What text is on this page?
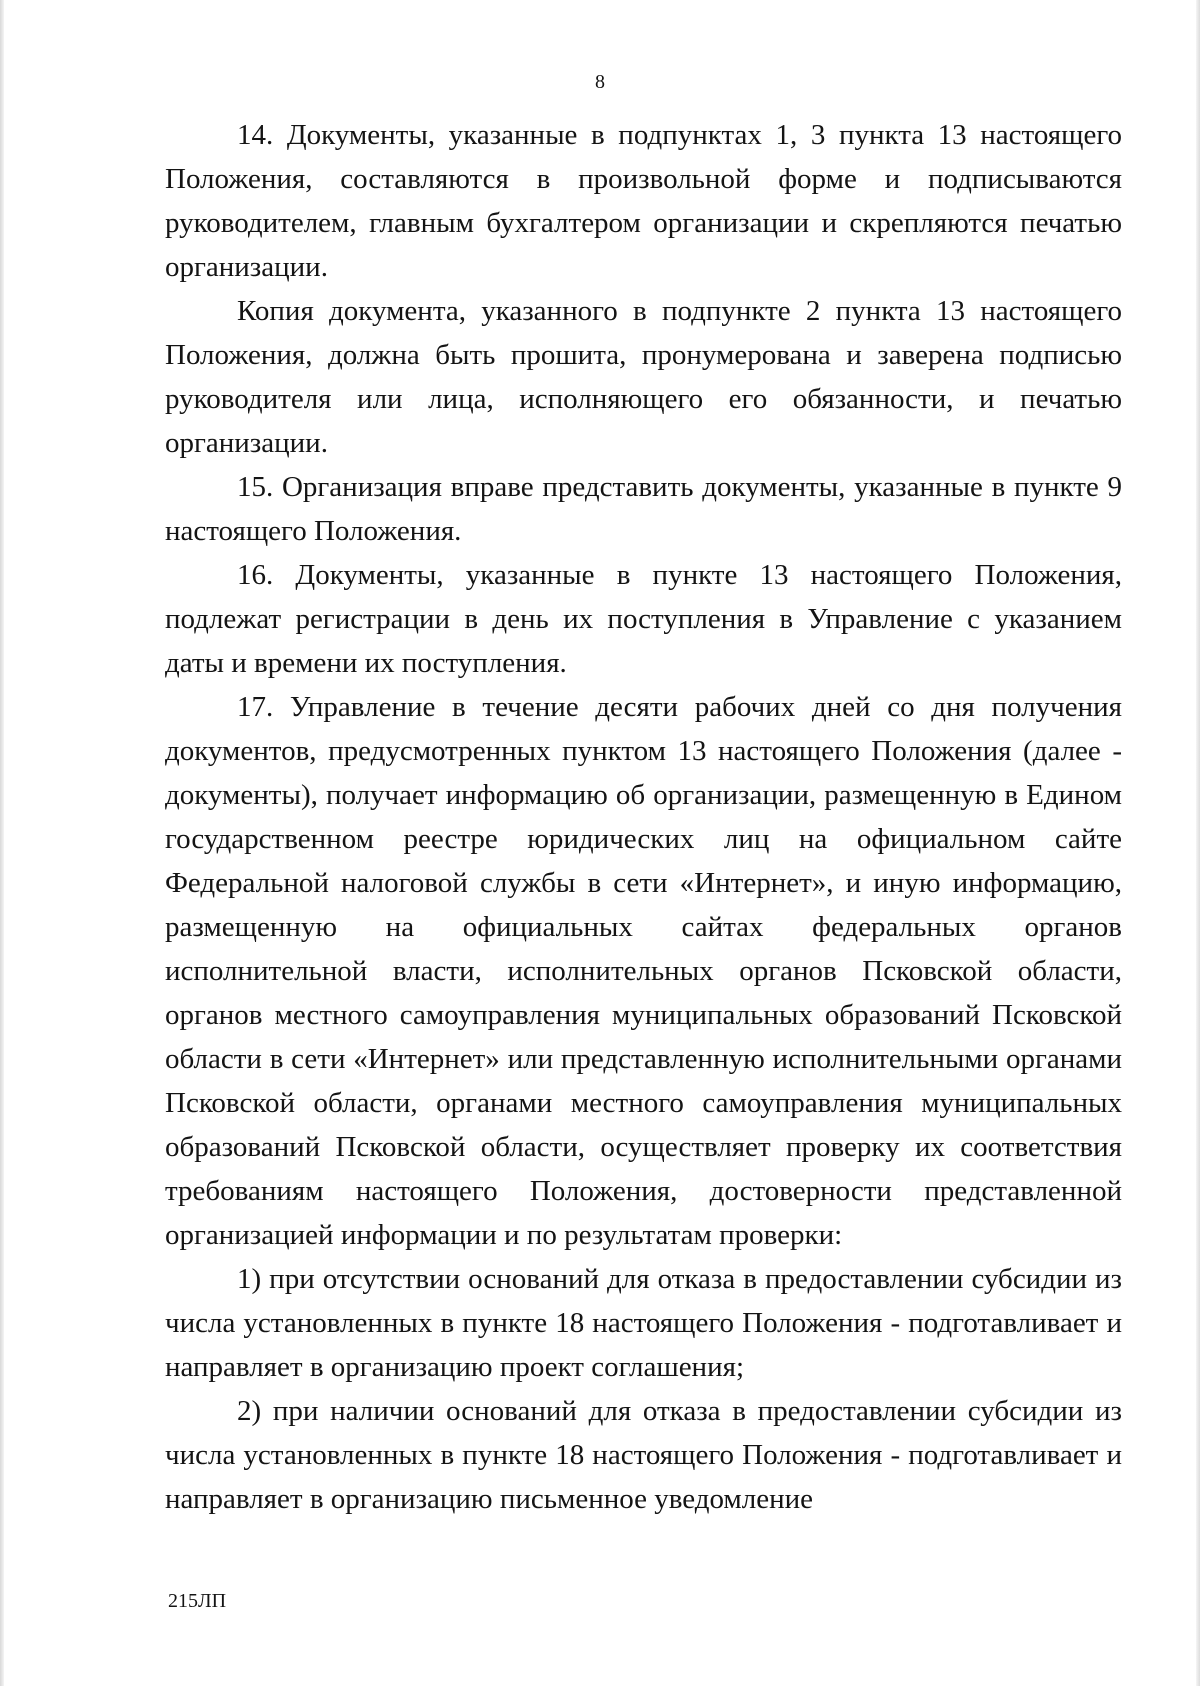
8

14. Документы, указанные в подпунктах 1, 3 пункта 13 настоящего Положения, составляются в произвольной форме и подписываются руководителем, главным бухгалтером организации и скрепляются печатью организации.

Копия документа, указанного в подпункте 2 пункта 13 настоящего Положения, должна быть прошита, пронумерована и заверена подписью руководителя или лица, исполняющего его обязанности, и печатью организации.

15. Организация вправе представить документы, указанные в пункте 9 настоящего Положения.

16. Документы, указанные в пункте 13 настоящего Положения, подлежат регистрации в день их поступления в Управление с указанием даты и времени их поступления.

17. Управление в течение десяти рабочих дней со дня получения документов, предусмотренных пунктом 13 настоящего Положения (далее - документы), получает информацию об организации, размещенную в Едином государственном реестре юридических лиц на официальном сайте Федеральной налоговой службы в сети «Интернет», и иную информацию, размещенную на официальных сайтах федеральных органов исполнительной власти, исполнительных органов Псковской области, органов местного самоуправления муниципальных образований Псковской области в сети «Интернет» или представленную исполнительными органами Псковской области, органами местного самоуправления муниципальных образований Псковской области, осуществляет проверку их соответствия требованиям настоящего Положения, достоверности представленной организацией информации и по результатам проверки:

1) при отсутствии оснований для отказа в предоставлении субсидии из числа установленных в пункте 18 настоящего Положения - подготавливает и направляет в организацию проект соглашения;

2) при наличии оснований для отказа в предоставлении субсидии из числа установленных в пункте 18 настоящего Положения - подготавливает и направляет в организацию письменное уведомление

215ЛП
